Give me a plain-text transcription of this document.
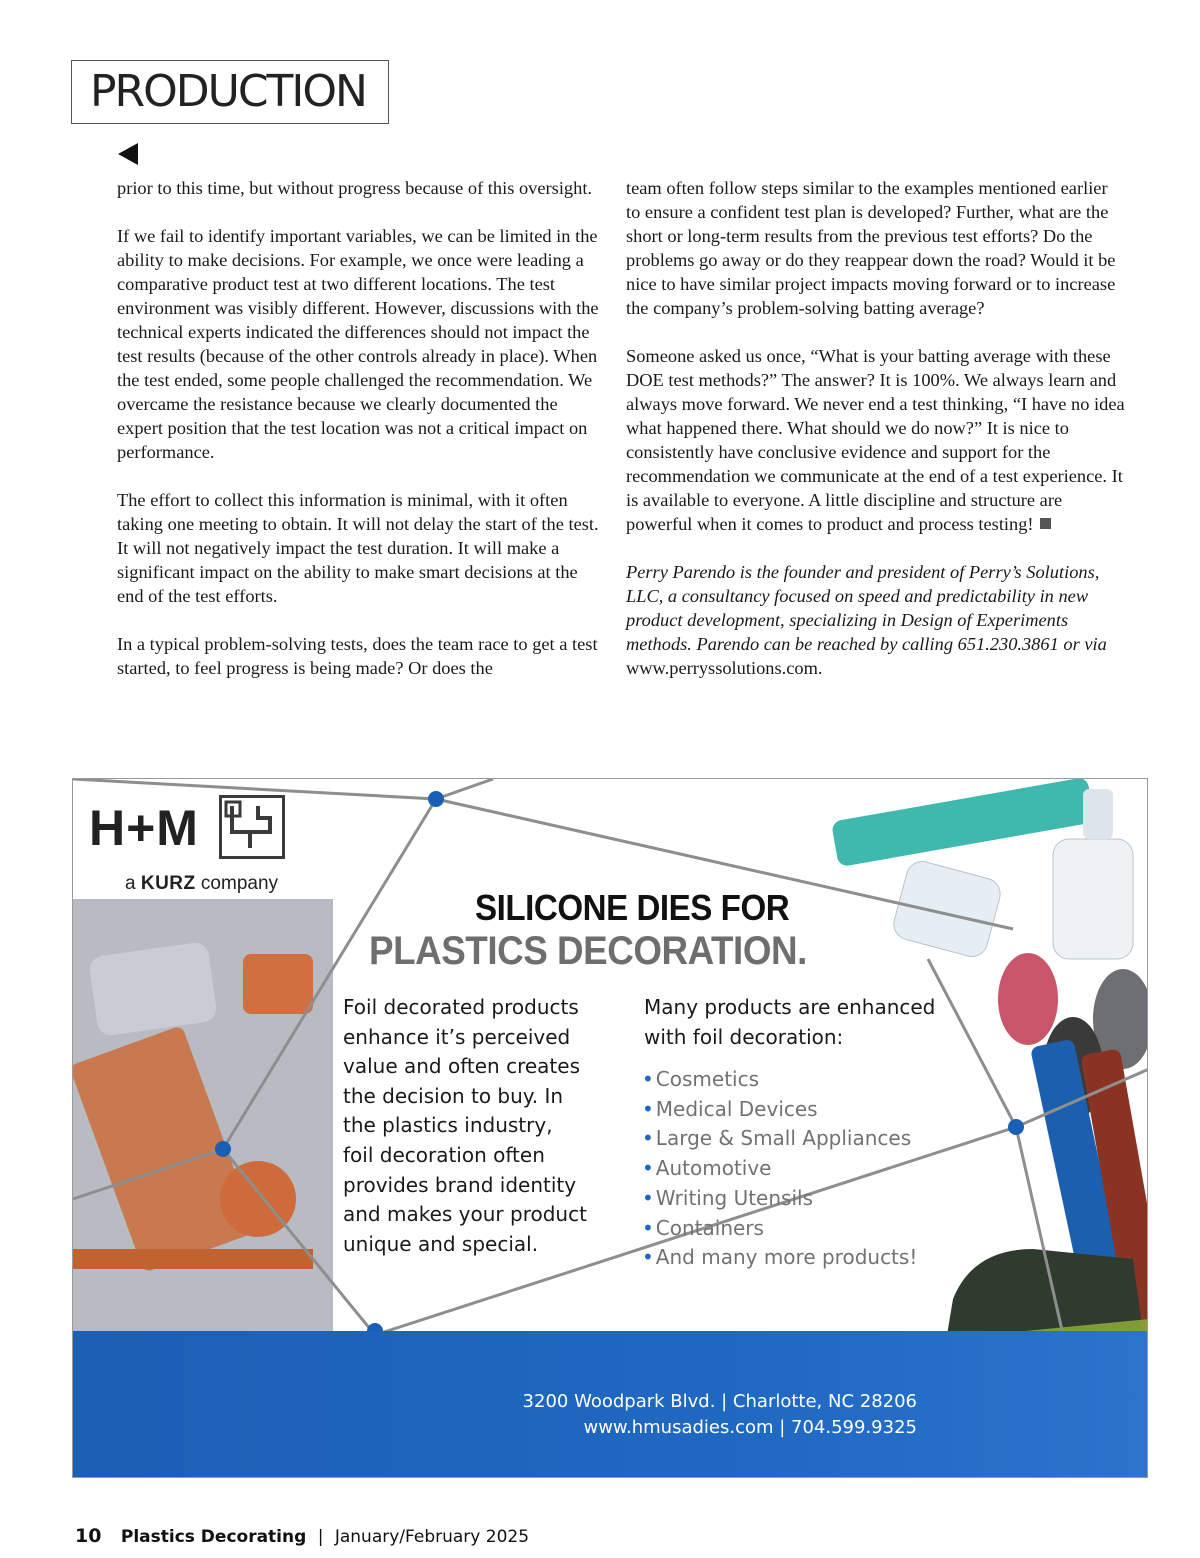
PRODUCTION

prior to this time, but without progress because of this oversight.

If we fail to identify important variables, we can be limited in the ability to make decisions. For example, we once were leading a comparative product test at two different locations. The test environment was visibly different. However, discussions with the technical experts indicated the differences should not impact the test results (because of the other controls already in place). When the test ended, some people challenged the recommendation. We overcame the resistance because we clearly documented the expert position that the test location was not a critical impact on performance.

The effort to collect this information is minimal, with it often taking one meeting to obtain. It will not delay the start of the test. It will not negatively impact the test duration. It will make a significant impact on the ability to make smart decisions at the end of the test efforts.

In a typical problem-solving tests, does the team race to get a test started, to feel progress is being made? Or does the

team often follow steps similar to the examples mentioned earlier to ensure a confident test plan is developed? Further, what are the short or long-term results from the previous test efforts? Do the problems go away or do they reappear down the road? Would it be nice to have similar project impacts moving forward or to increase the company’s problem-solving batting average?

Someone asked us once, “What is your batting average with these DOE test methods?” The answer? It is 100%. We always learn and always move forward. We never end a test thinking, “I have no idea what happened there. What should we do now?” It is nice to consistently have conclusive evidence and support for the recommendation we communicate at the end of a test experience. It is available to everyone. A little discipline and structure are powerful when it comes to product and process testing!

Perry Parendo is the founder and president of Perry’s Solutions, LLC, a consultancy focused on speed and predictability in new product development, specializing in Design of Experiments methods. Parendo can be reached by calling 651.230.3861 or via www.perryssolutions.com.

H+M
a KURZ company
SILICONE DIES FOR
PLASTICS DECORATION.
Foil decorated products
enhance it’s perceived
value and often creates
the decision to buy. In
the plastics industry,
foil decoration often
provides brand identity
and makes your product
unique and special.
Many products are enhanced
with foil decoration:
• Cosmetics
• Medical Devices
• Large & Small Appliances
• Automotive
• Writing Utensils
• Containers
• And many more products!
3200 Woodpark Blvd. | Charlotte, NC 28206
www.hmusadies.com | 704.599.9325
10 Plastics Decorating | January/February 2025
